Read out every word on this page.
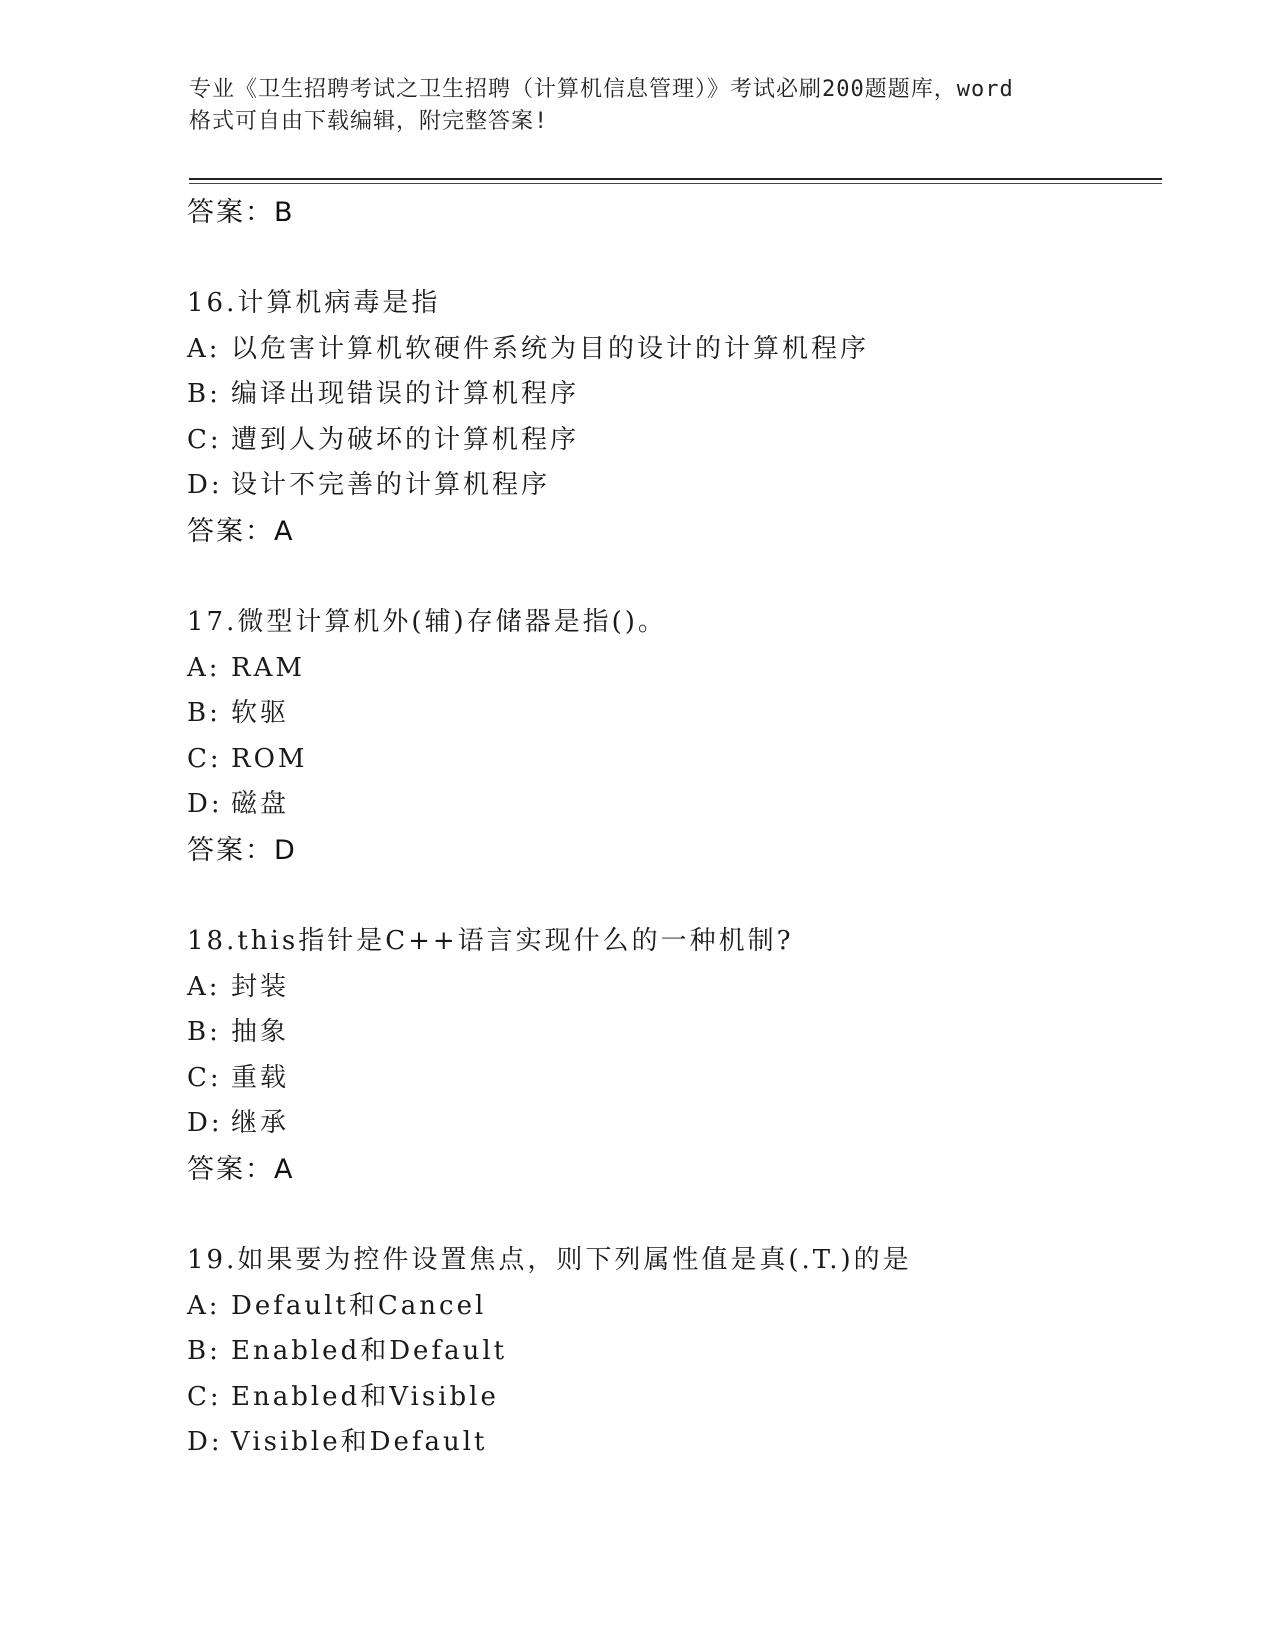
专业《卫生招聘考试之卫生招聘（计算机信息管理）》考试必刷200题题库，word
格式可自由下载编辑，附完整答案!
答案：B
16.计算机病毒是指
A: 以危害计算机软硬件系统为目的设计的计算机程序
B: 编译出现错误的计算机程序
C: 遭到人为破坏的计算机程序
D: 设计不完善的计算机程序
答案：A
17.微型计算机外(辅)存储器是指()。
A: RAM
B: 软驱
C: ROM
D: 磁盘
答案：D
18.this指针是C++语言实现什么的一种机制?
A: 封装
B: 抽象
C: 重载
D: 继承
答案：A
19.如果要为控件设置焦点，则下列属性值是真(.T.)的是
A: Default和Cancel
B: Enabled和Default
C: Enabled和Visible
D: Visible和Default
